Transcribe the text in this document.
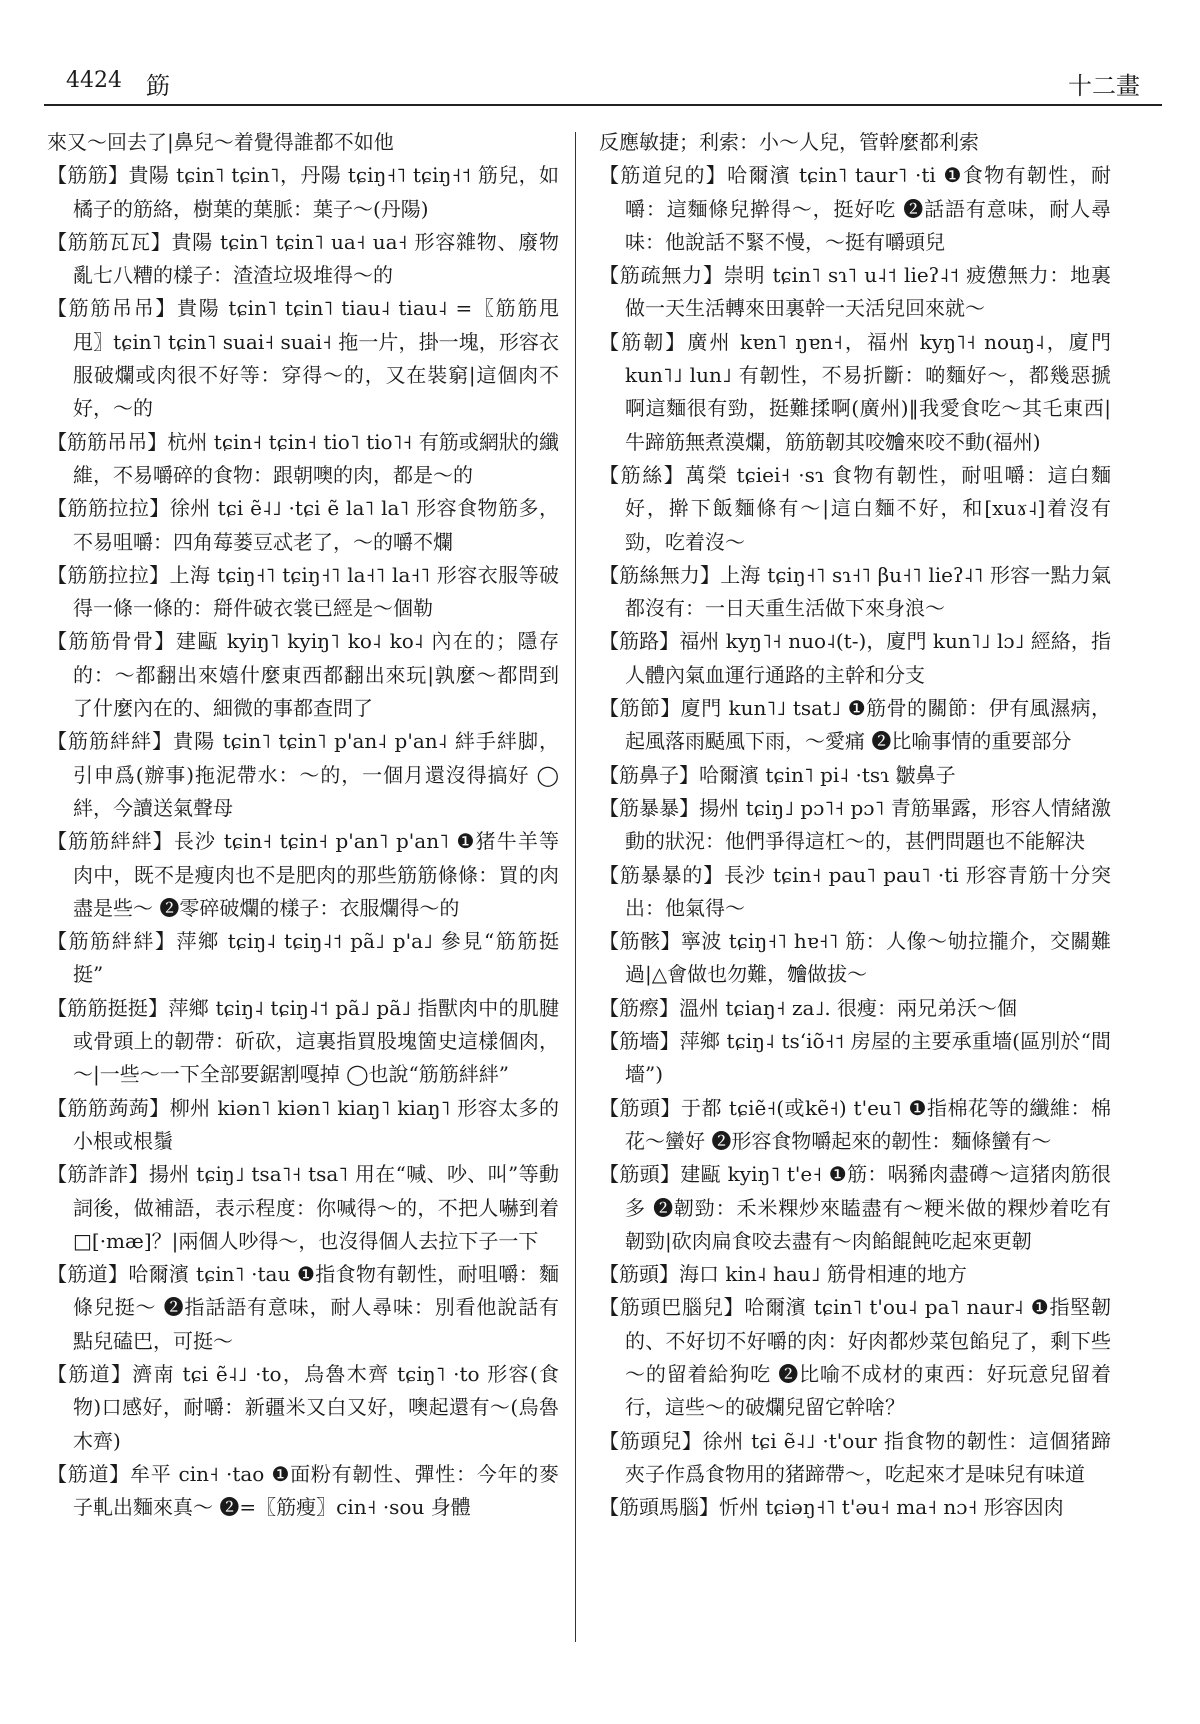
4424 筯	十二畫

來又～回去了|鼻兒～着覺得誰都不如他

【筋筋】貴陽 tɕin˥ tɕin˥，丹陽 tɕiŋ˧˥ tɕiŋ˧˦ 筋兒，如橘子的筋絡，樹葉的葉脈：葉子～(丹陽)

【筋筋瓦瓦】貴陽 tɕin˥ tɕin˥ ua˧ ua˧ 形容雜物、廢物亂七八糟的樣子：渣渣垃圾堆得～的

【筋筋吊吊】貴陽 tɕin˥ tɕin˥ tiau˨ tiau˨ =〖筋筋甩甩〗tɕin˥ tɕin˥ suai˧ suai˧ 拖一片，掛一塊，形容衣服破爛或肉很不好等：穿得～的，又在裝窮|這個肉不好，～的

【筋筋吊吊】杭州 tɕin˧ tɕin˧ tio˥ tio˥˧ 有筋或網狀的纖維，不易嚼碎的食物：跟朝噢的肉，都是～的

【筋筋拉拉】徐州 tɕi ẽ˨˩ ·tɕi ẽ la˥ la˥ 形容食物筋多，不易咀嚼：四角莓蒌豆忒老了，～的嚼不爛

【筋筋拉拉】上海 tɕiŋ˧˥ tɕiŋ˧˥ la˧˥ la˧˥ 形容衣服等破得一條一條的：搿件破衣裳已經是～個勒

【筋筋骨骨】建甌 kyiŋ˥ kyiŋ˥ ko˨ ko˨ 內在的；隱存的：～都翻出來嬉什麼東西都翻出來玩|孰麼～都問到了什麼內在的、細微的事都查問了

【筋筋絆絆】貴陽 tɕin˥ tɕin˥ p'an˨ p'an˨ 絆手絆脚，引申爲(辦事)拖泥帶水：～的，一個月還沒得搞好 ◯絆，今讀送氣聲母

【筋筋絆絆】長沙 tɕin˧ tɕin˧ p'an˥ p'an˥ ❶猪牛羊等肉中，既不是瘦肉也不是肥肉的那些筋筋條條：買的肉盡是些～ ❷零碎破爛的樣子：衣服爛得～的

【筋筋絆絆】萍鄉 tɕiŋ˨ tɕiŋ˨˦ pã˩ p'a˩ 參見“筋筋挺挺”

【筋筋挺挺】萍鄉 tɕiŋ˨ tɕiŋ˨˦ pã˩ pã˩ 指獸肉中的肌腱或骨頭上的韌帶：斫砍，這裏指買股塊箇史這樣個肉，～|一些～一下全部要鋸割嘎掉 ◯也說“筋筋絆絆”

【筋筋蒟蒟】柳州 kiən˥ kiən˥ kiaŋ˥ kiaŋ˥ 形容太多的小根或根鬚

【筋詐詐】揚州 tɕiŋ˩ tsa˥˧ tsa˥ 用在“喊、吵、叫”等動詞後，做補語，表示程度：你喊得～的，不把人嚇到着□[·mæ]？|兩個人吵得～，也沒得個人去拉下子一下

【筋道】哈爾濱 tɕin˥ ·tau ❶指食物有韌性，耐咀嚼：麵條兒挺～ ❷指話語有意味，耐人尋味：別看他說話有點兒磕巴，可挺～

【筋道】濟南 tɕi ẽ˨˩ ·to，烏魯木齊 tɕiŋ˥ ·to 形容(食物)口感好，耐嚼：新疆米又白又好，噢起還有～(烏魯木齊)

【筋道】牟平 cin˧ ·tao ❶面粉有韌性、彈性：今年的麥子軋出麵來真～ ❷=〖筋瘦〗cin˧ ·sou 身體

反應敏捷；利索：小～人兒，管幹麼都利索

【筋道兒的】哈爾濱 tɕin˥ taur˥ ·ti ❶食物有韌性，耐嚼：這麵條兒擀得～，挺好吃 ❷話語有意味，耐人尋味：他說話不緊不慢，～挺有嚼頭兒

【筋疏無力】崇明 tɕin˥ sɿ˥ u˨˦ lieʔ˨˦ 疲憊無力：地裏做一天生活轉來田裏幹一天活兒回來就～

【筋韌】廣州 kɐn˥ ŋɐn˧，福州 kyŋ˥˧ nouŋ˨，廈門 kun˥˩ lun˩ 有韌性，不易折斷：啲麵好～，都幾惡搋啊這麵很有勁，挺難揉啊(廣州)‖我愛食吃～其乇東西|牛蹄筋無煮漠爛，筋筋韌其咬𣍐來咬不動(福州)

【筋絲】萬榮 tɕiei˧ ·sɿ 食物有韌性，耐咀嚼：這白麵好，擀下飯麵條有～|這白麵不好，和[xuɤ˨]着沒有勁，吃着沒～

【筋絲無力】上海 tɕiŋ˧˥ sɿ˧˥ βu˧˥ lieʔ˨˥ 形容一點力氣都沒有：一日天重生活做下來身浪～

【筋路】福州 kyŋ˥˧ nuo˨(t-)，廈門 kun˥˩ lɔ˩ 經絡，指人體內氣血運行通路的主幹和分支

【筋節】廈門 kun˥˩ tsat˩ ❶筋骨的關節：伊有風濕病，起風落雨颳風下雨，～愛痛 ❷比喻事情的重要部分

【筋鼻子】哈爾濱 tɕin˥ pi˨ ·tsɿ 皺鼻子

【筋暴暴】揚州 tɕiŋ˩ pɔ˥˧ pɔ˥ 青筋畢露，形容人情緒激動的狀況：他們爭得這杠～的，甚們問題也不能解決

【筋暴暴的】長沙 tɕin˧ pau˥ pau˥ ·ti 形容青筋十分突出：他氣得～

【筋骸】寧波 tɕiŋ˧˥ hɐ˧˥ 筋：人像～劬拉攏介，交關難過|△會做也勿難，𣍐做拔～

【筋瘵】溫州 tɕiaŋ˧ za˩. 很瘦：兩兄弟沃～個

【筋墻】萍鄉 tɕiŋ˨ tsʻiõ˧˦ 房屋的主要承重墻(區別於“間墻”)

【筋頭】于都 tɕiẽ˧(或kẽ˧) t'eu˥ ❶指棉花等的纖維：棉花～蠻好 ❷形容食物嚼起來的韌性：麵條蠻有～

【筋頭】建甌 kyiŋ˥ t'e˧ ❶筋：㖞豨肉盡𥖁～這猪肉筋很多 ❷韌勁：禾米粿炒來瞌盡有～粳米做的粿炒着吃有韌勁|砍肉扁食咬去盡有～肉餡餛飩吃起來更韌

【筋頭】海口 kin˨ hau˩ 筋骨相連的地方

【筋頭巴腦兒】哈爾濱 tɕin˥ t'ou˨ pa˥ naur˨ ❶指堅韌的、不好切不好嚼的肉：好肉都炒菜包餡兒了，剩下些～的留着給狗吃 ❷比喻不成材的東西：好玩意兒留着行，這些～的破爛兒留它幹啥？

【筋頭兒】徐州 tɕi ẽ˨˩ ·t'our 指食物的韌性：這個猪蹄夾子作爲食物用的猪蹄帶～，吃起來才是味兒有味道

【筋頭馬腦】忻州 tɕiəŋ˧˥ t'əu˧ ma˧ nɔ˧ 形容因肉
